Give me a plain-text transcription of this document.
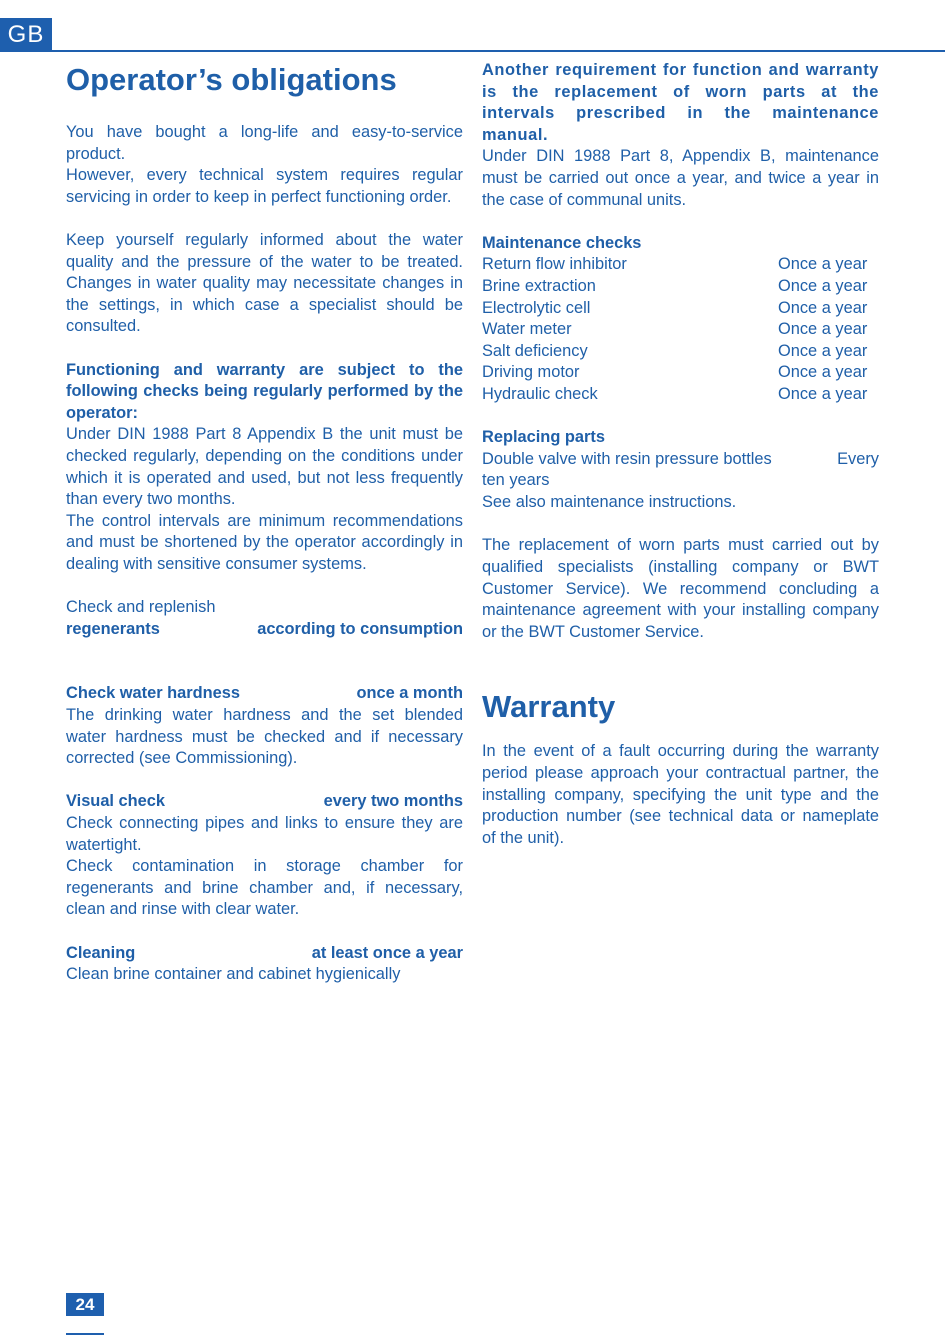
GB
Operator’s obligations

You have bought a long-life and easy-to-service product.

However, every technical system requires regular servicing in order to keep in perfect functioning order.

Keep yourself regularly informed about the water quality and the pressure of the water to be treated. Changes in water quality may necessitate changes in the settings, in which case a specialist should be consulted.

Functioning and warranty are subject to the following checks being regularly performed by the operator:

Under DIN 1988 Part 8 Appendix B the unit must be checked regularly, depending on the conditions under which it is operated and used, but not less frequently than every two months.

The control intervals are minimum recommendations and must be shortened by the operator accordingly in dealing with sensitive consumer systems.

Check and replenish

regenerants	according to consumption
Check water hardness	once a month

The drinking water hardness and the set blended water hardness must be checked and if necessary corrected (see Commissioning).

Visual check	every two months

Check connecting pipes and links to ensure they are watertight.

Check contamination in storage chamber for regenerants and brine chamber and, if necessary, clean and rinse with clear water.

Cleaning	at least once a year

Clean brine container and cabinet hygienically

Another requirement for function and warranty is the replacement of worn parts at the intervals prescribed in the maintenance manual.

Under DIN 1988 Part 8, Appendix B, maintenance must be carried out once a year, and twice a year in the case of communal units.

Maintenance checks

Return flow inhibitor	Once a year
Brine extraction	Once a year
Electrolytic cell	Once a year
Water meter	Once a year
Salt deficiency	Once a year
Driving motor	Once a year
Hydraulic check	Once a year

Replacing parts

Double valve with resin pressure bottles	Every

ten years

See also maintenance instructions.

The replacement of worn parts must carried out by qualified specialists (installing company or BWT Customer Service). We recommend concluding a maintenance agreement with your installing company or the BWT Customer Service.

Warranty

In the event of a fault occurring during the warranty period please approach your contractual partner, the installing company, specifying the unit type and the production number (see technical data or nameplate of the unit).

24
